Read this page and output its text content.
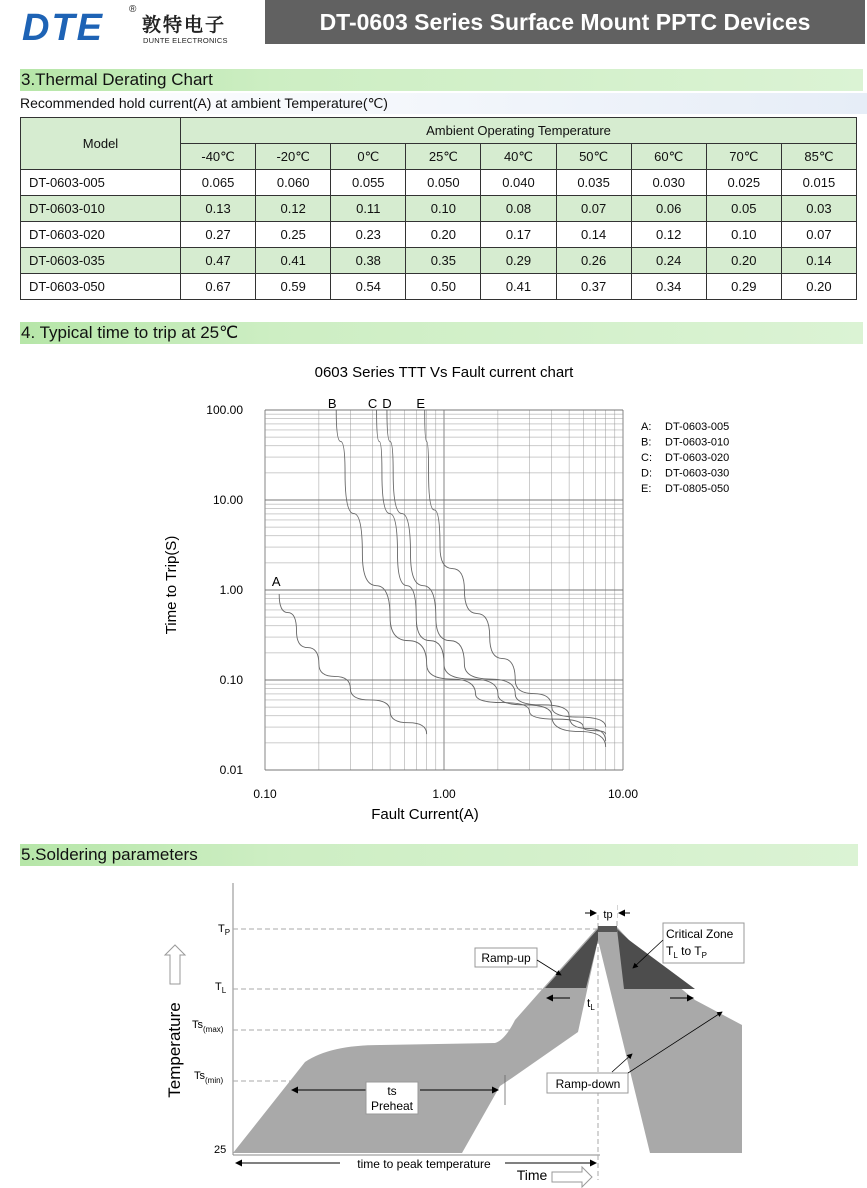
DTE	®
敦特电子
DUNTE ELECTRONICS
DT-0603 Series Surface Mount PPTC Devices
3.Thermal Derating Chart
Recommended hold current(A) at ambient Temperature(℃)
Model	Ambient Operating Temperature								
	-40℃	-20℃	0℃	25℃	40℃	50℃	60℃	70℃	85℃
DT-0603-005	0.065	0.060	0.055	0.050	0.040	0.035	0.030	0.025	0.015
DT-0603-010	0.13	0.12	0.11	0.10	0.08	0.07	0.06	0.05	0.03
DT-0603-020	0.27	0.25	0.23	0.20	0.17	0.14	0.12	0.10	0.07
DT-0603-035	0.47	0.41	0.38	0.35	0.29	0.26	0.24	0.20	0.14
DT-0603-050	0.67	0.59	0.54	0.50	0.41	0.37	0.34	0.29	0.20
4. Typical time to trip at 25℃
0603 Series TTT Vs Fault current chart
Fault Current(A)
Time to Trip(S)
0.10	1.00	10.00
100.00
10.00
1.00
0.10
0.01
A
B C D E
A: DT-0603-005
B: DT-0603-010
C: DT-0603-020
D: DT-0603-030
E: DT-0805-050
5.Soldering parameters
Temperature
$T_P$
$T_L$
$Ts_{(max)}$
$Ts_{(min)}$
25
tp
Critical Zone
$T_L$ to $T_P$
Ramp-up
$t_L$
Ramp-down
ts
Preheat
time to peak temperature
Time
